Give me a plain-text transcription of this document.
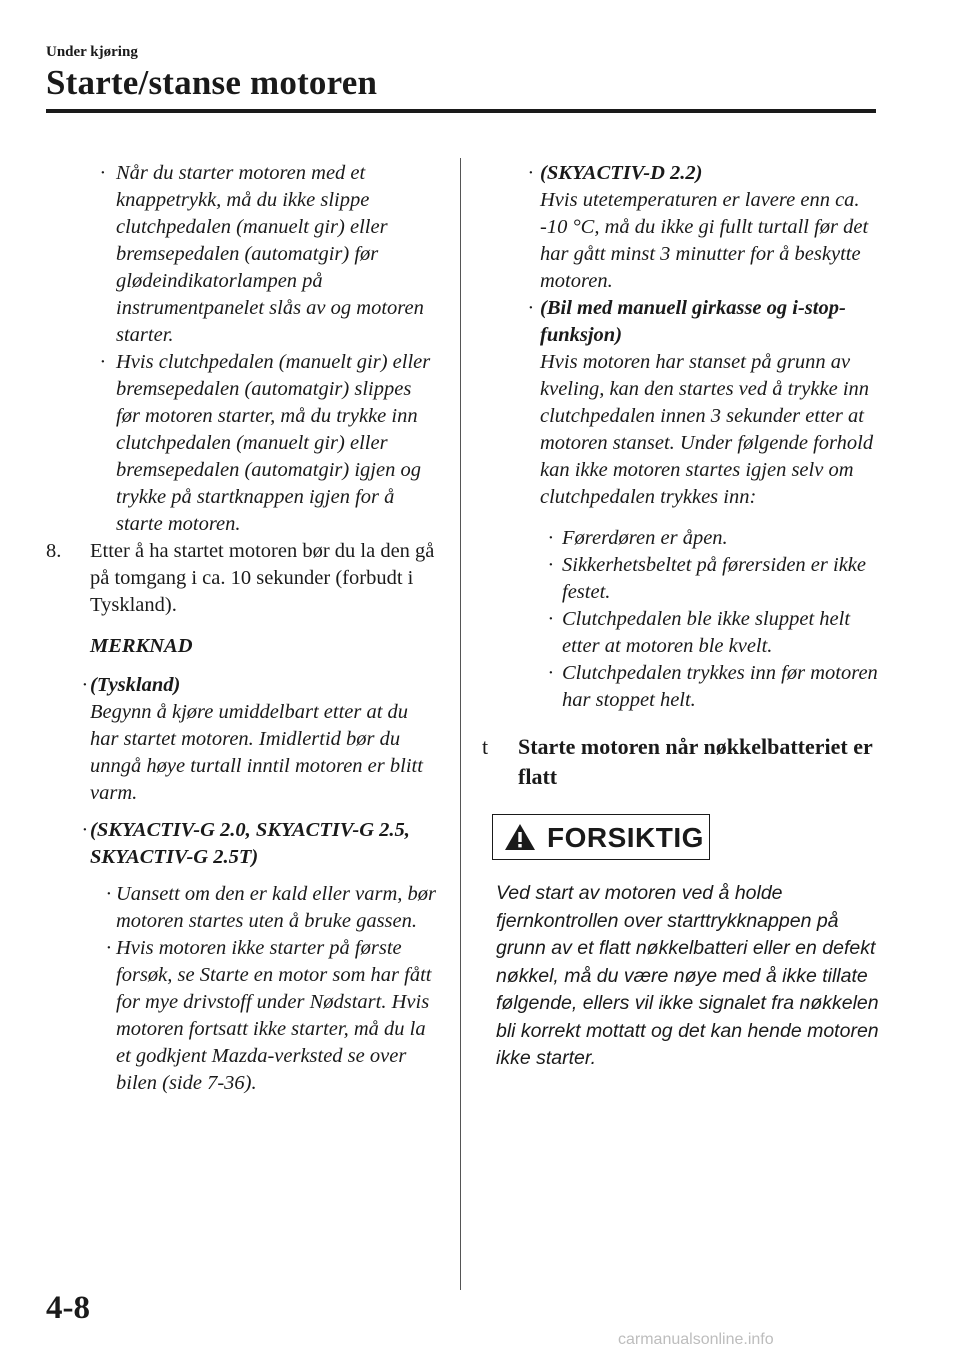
Under kjøring
Starte/stanse motoren
· Når du starter motoren med et knappetrykk, må du ikke slippe clutchpedalen (manuelt gir) eller bremsepedalen (automatgir) før glødeindikatorlampen på instrumentpanelet slås av og motoren starter.
· Hvis clutchpedalen (manuelt gir) eller bremsepedalen (automatgir) slippes før motoren starter, må du trykke inn clutchpedalen (manuelt gir) eller bremsepedalen (automatgir) igjen og trykke på startknappen igjen for å starte motoren.
8. Etter å ha startet motoren bør du la den gå på tomgang i ca. 10 sekunder (forbudt i Tyskland).
MERKNAD
· (Tyskland)
Begynn å kjøre umiddelbart etter at du har startet motoren. Imidlertid bør du unngå høye turtall inntil motoren er blitt varm.
· (SKYACTIV-G 2.0, SKYACTIV-G 2.5, SKYACTIV-G 2.5T)
· Uansett om den er kald eller varm, bør motoren startes uten å bruke gassen.
· Hvis motoren ikke starter på første forsøk, se Starte en motor som har fått for mye drivstoff under Nødstart. Hvis motoren fortsatt ikke starter, må du la et godkjent Mazda-verksted se over bilen (side 7-36).
· (SKYACTIV-D 2.2)
Hvis utetemperaturen er lavere enn ca. -10 °C, må du ikke gi fullt turtall før det har gått minst 3 minutter for å beskytte motoren.
· (Bil med manuell girkasse og i-stop-funksjon)
Hvis motoren har stanset på grunn av kveling, kan den startes ved å trykke inn clutchpedalen innen 3 sekunder etter at motoren stanset. Under følgende forhold kan ikke motoren startes igjen selv om clutchpedalen trykkes inn:
· Førerdøren er åpen.
· Sikkerhetsbeltet på førersiden er ikke festet.
· Clutchpedalen ble ikke sluppet helt etter at motoren ble kvelt.
· Clutchpedalen trykkes inn før motoren har stoppet helt.
t Starte motoren når nøkkelbatteriet er flatt
FORSIKTIG
Ved start av motoren ved å holde fjernkontrollen over starttrykknappen på grunn av et flatt nøkkelbatteri eller en defekt nøkkel, må du være nøye med å ikke tillate følgende, ellers vil ikke signalet fra nøkkelen bli korrekt mottatt og det kan hende motoren ikke starter.
4-8
carmanualsonline.info
